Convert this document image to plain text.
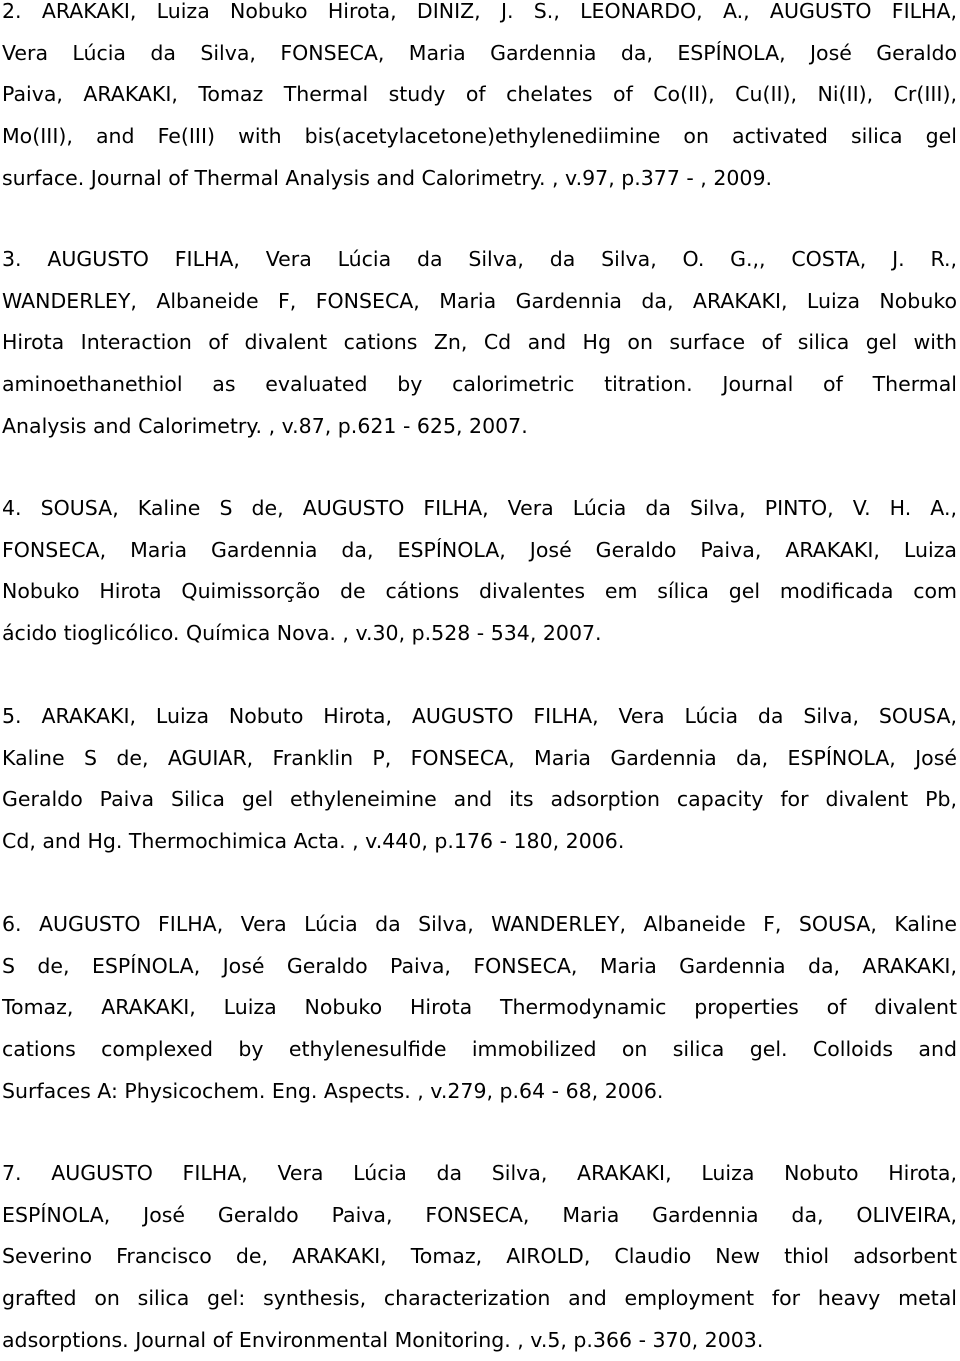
2. ARAKAKI, Luiza Nobuko Hirota, DINIZ, J. S., LEONARDO, A., AUGUSTO FILHA,
Vera Lúcia da Silva, FONSECA, Maria Gardennia da, ESPÍNOLA, José Geraldo
Paiva, ARAKAKI, Tomaz Thermal study of chelates of Co(II), Cu(II), Ni(II), Cr(III),
Mo(III), and Fe(III) with bis(acetylacetone)ethylenediimine on activated silica gel
surface. Journal of Thermal Analysis and Calorimetry. , v.97, p.377 - , 2009.
3. AUGUSTO FILHA, Vera Lúcia da Silva, da Silva, O. G.,, COSTA, J. R.,
WANDERLEY, Albaneide F, FONSECA, Maria Gardennia da, ARAKAKI, Luiza Nobuko
Hirota Interaction of divalent cations Zn, Cd and Hg on surface of silica gel with
aminoethanethiol as evaluated by calorimetric titration. Journal of Thermal
Analysis and Calorimetry. , v.87, p.621 - 625, 2007.
4. SOUSA, Kaline S de, AUGUSTO FILHA, Vera Lúcia da Silva, PINTO, V. H. A.,
FONSECA, Maria Gardennia da, ESPÍNOLA, José Geraldo Paiva, ARAKAKI, Luiza
Nobuko Hirota Quimissorção de cátions divalentes em sílica gel modificada com
ácido tioglicólico. Química Nova. , v.30, p.528 - 534, 2007.
5. ARAKAKI, Luiza Nobuto Hirota, AUGUSTO FILHA, Vera Lúcia da Silva, SOUSA,
Kaline S de, AGUIAR, Franklin P, FONSECA, Maria Gardennia da, ESPÍNOLA, José
Geraldo Paiva Silica gel ethyleneimine and its adsorption capacity for divalent Pb,
Cd, and Hg. Thermochimica Acta. , v.440, p.176 - 180, 2006.
6. AUGUSTO FILHA, Vera Lúcia da Silva, WANDERLEY, Albaneide F, SOUSA, Kaline
S de, ESPÍNOLA, José Geraldo Paiva, FONSECA, Maria Gardennia da, ARAKAKI,
Tomaz, ARAKAKI, Luiza Nobuko Hirota Thermodynamic properties of divalent
cations complexed by ethylenesulfide immobilized on silica gel. Colloids and
Surfaces A: Physicochem. Eng. Aspects. , v.279, p.64 - 68, 2006.
7. AUGUSTO FILHA, Vera Lúcia da Silva, ARAKAKI, Luiza Nobuto Hirota,
ESPÍNOLA, José Geraldo Paiva, FONSECA, Maria Gardennia da, OLIVEIRA,
Severino Francisco de, ARAKAKI, Tomaz, AIROLD, Claudio New thiol adsorbent
grafted on silica gel: synthesis, characterization and employment for heavy metal
adsorptions. Journal of Environmental Monitoring. , v.5, p.366 - 370, 2003.
